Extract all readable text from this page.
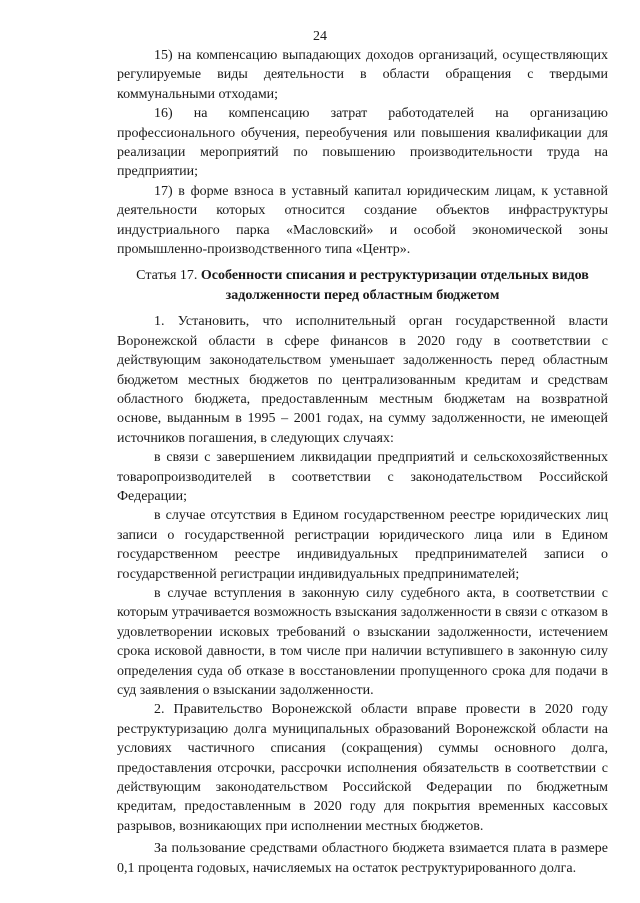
24

15) на компенсацию выпадающих доходов организаций, осуществляющих регулируемые виды деятельности в области обращения с твердыми коммунальными отходами;

16) на компенсацию затрат работодателей на организацию профессионального обучения, переобучения или повышения квалификации для реализации мероприятий по повышению производительности труда на предприятии;

17) в форме взноса в уставный капитал юридическим лицам, к уставной деятельности которых относится создание объектов инфраструктуры индустриального парка «Масловский» и особой экономической зоны промышленно-производственного типа «Центр».

Статья 17. Особенности списания и реструктуризации отдельных видов задолженности перед областным бюджетом

1. Установить, что исполнительный орган государственной власти Воронежской области в сфере финансов в 2020 году в соответствии с действующим законодательством уменьшает задолженность перед областным бюджетом местных бюджетов по централизованным кредитам и средствам областного бюджета, предоставленным местным бюджетам на возвратной основе, выданным в 1995 – 2001 годах, на сумму задолженности, не имеющей источников погашения, в следующих случаях:

в связи с завершением ликвидации предприятий и сельскохозяйственных товаропроизводителей в соответствии с законодательством Российской Федерации;

в случае отсутствия в Едином государственном реестре юридических лиц записи о государственной регистрации юридического лица или в Едином государственном реестре индивидуальных предпринимателей записи о государственной регистрации индивидуальных предпринимателей;

в случае вступления в законную силу судебного акта, в соответствии с которым утрачивается возможность взыскания задолженности в связи с отказом в удовлетворении исковых требований о взыскании задолженности, истечением срока исковой давности, в том числе при наличии вступившего в законную силу определения суда об отказе в восстановлении пропущенного срока для подачи в суд заявления о взыскании задолженности.

2. Правительство Воронежской области вправе провести в 2020 году реструктуризацию долга муниципальных образований Воронежской области на условиях частичного списания (сокращения) суммы основного долга, предоставления отсрочки, рассрочки исполнения обязательств в соответствии с действующим законодательством Российской Федерации по бюджетным кредитам, предоставленным в 2020 году для покрытия временных кассовых разрывов, возникающих при исполнении местных бюджетов.

За пользование средствами областного бюджета взимается плата в размере 0,1 процента годовых, начисляемых на остаток реструктурированного долга.
